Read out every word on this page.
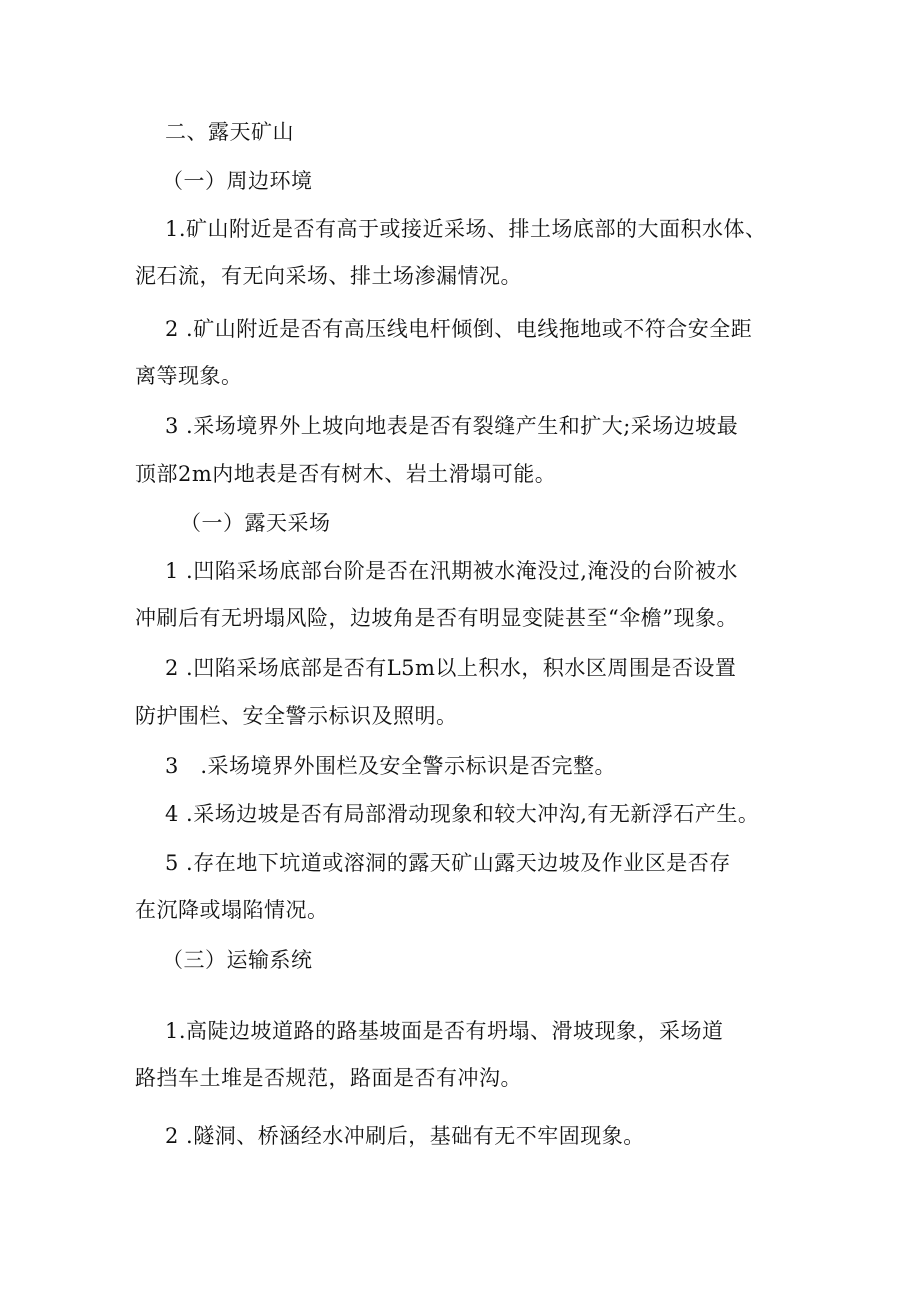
二、露天矿山
（一）周边环境
1.矿山附近是否有高于或接近采场、排土场底部的大面积水体、
泥石流，有无向采场、排土场渗漏情况。
2 .矿山附近是否有高压线电杆倾倒、电线拖地或不符合安全距
离等现象。
3 .采场境界外上坡向地表是否有裂缝产生和扩大;采场边坡最
顶部2m内地表是否有树木、岩土滑塌可能。
（一）露天采场
1 .凹陷采场底部台阶是否在汛期被水淹没过,淹没的台阶被水
冲刷后有无坍塌风险，边坡角是否有明显变陡甚至“伞檐”现象。
2 .凹陷采场底部是否有L5m以上积水，积水区周围是否设置
防护围栏、安全警示标识及照明。
3　.采场境界外围栏及安全警示标识是否完整。
4 .采场边坡是否有局部滑动现象和较大冲沟,有无新浮石产生。
5 .存在地下坑道或溶洞的露天矿山露天边坡及作业区是否存
在沉降或塌陷情况。
（三）运输系统
1.高陡边坡道路的路基坡面是否有坍塌、滑坡现象，采场道
路挡车土堆是否规范，路面是否有冲沟。
2 .隧洞、桥涵经水冲刷后，基础有无不牢固现象。
